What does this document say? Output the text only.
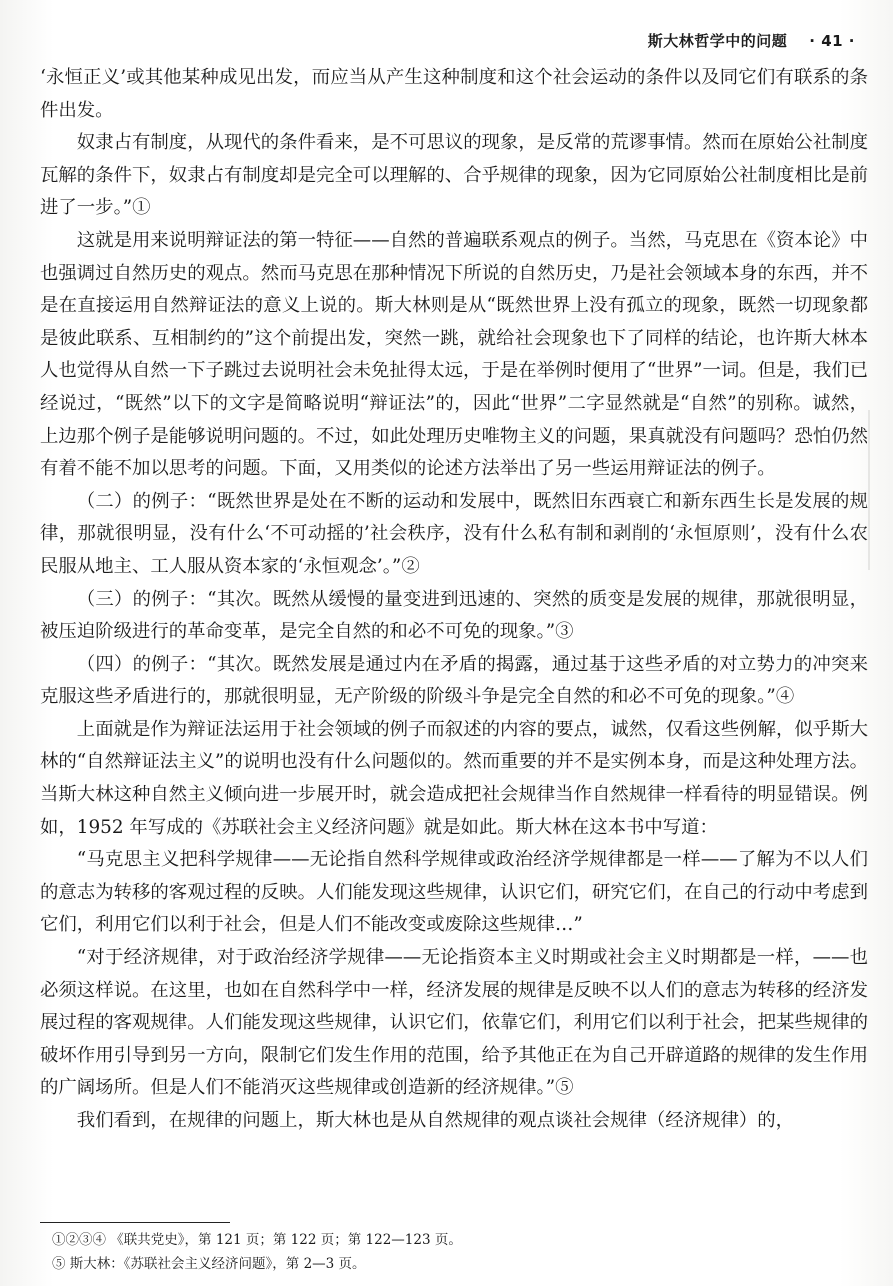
斯大林哲学中的问题 · 41 ·

‘永恒正义’或其他某种成见出发，而应当从产生这种制度和这个社会运动的条件以及同它们有联系的条件出发。

奴隶占有制度，从现代的条件看来，是不可思议的现象，是反常的荒谬事情。然而在原始公社制度瓦解的条件下，奴隶占有制度却是完全可以理解的、合乎规律的现象，因为它同原始公社制度相比是前进了一步。”①

这就是用来说明辩证法的第一特征——自然的普遍联系观点的例子。当然，马克思在《资本论》中也强调过自然历史的观点。然而马克思在那种情况下所说的自然历史，乃是社会领域本身的东西，并不是在直接运用自然辩证法的意义上说的。斯大林则是从“既然世界上没有孤立的现象，既然一切现象都是彼此联系、互相制约的”这个前提出发，突然一跳，就给社会现象也下了同样的结论，也许斯大林本人也觉得从自然一下子跳过去说明社会未免扯得太远，于是在举例时便用了“世界”一词。但是，我们已经说过，“既然”以下的文字是简略说明“辩证法”的，因此“世界”二字显然就是“自然”的别称。诚然，上边那个例子是能够说明问题的。不过，如此处理历史唯物主义的问题，果真就没有问题吗？恐怕仍然有着不能不加以思考的问题。下面，又用类似的论述方法举出了另一些运用辩证法的例子。

（二）的例子：“既然世界是处在不断的运动和发展中，既然旧东西衰亡和新东西生长是发展的规律，那就很明显，没有什么‘不可动摇的’社会秩序，没有什么私有制和剥削的‘永恒原则’，没有什么农民服从地主、工人服从资本家的‘永恒观念’。”②

（三）的例子：“其次。既然从缓慢的量变进到迅速的、突然的质变是发展的规律，那就很明显，被压迫阶级进行的革命变革，是完全自然的和必不可免的现象。”③

（四）的例子：“其次。既然发展是通过内在矛盾的揭露，通过基于这些矛盾的对立势力的冲突来克服这些矛盾进行的，那就很明显，无产阶级的阶级斗争是完全自然的和必不可免的现象。”④

上面就是作为辩证法运用于社会领域的例子而叙述的内容的要点，诚然，仅看这些例解，似乎斯大林的“自然辩证法主义”的说明也没有什么问题似的。然而重要的并不是实例本身，而是这种处理方法。当斯大林这种自然主义倾向进一步展开时，就会造成把社会规律当作自然规律一样看待的明显错误。例如，1952 年写成的《苏联社会主义经济问题》就是如此。斯大林在这本书中写道：

“马克思主义把科学规律——无论指自然科学规律或政治经济学规律都是一样——了解为不以人们的意志为转移的客观过程的反映。人们能发现这些规律，认识它们，研究它们，在自己的行动中考虑到它们，利用它们以利于社会，但是人们不能改变或废除这些规律…”

“对于经济规律，对于政治经济学规律——无论指资本主义时期或社会主义时期都是一样，——也必须这样说。在这里，也如在自然科学中一样，经济发展的规律是反映不以人们的意志为转移的经济发展过程的客观规律。人们能发现这些规律，认识它们，依靠它们，利用它们以利于社会，把某些规律的破坏作用引导到另一方向，限制它们发生作用的范围，给予其他正在为自己开辟道路的规律的发生作用的广阔场所。但是人们不能消灭这些规律或创造新的经济规律。”⑤

我们看到，在规律的问题上，斯大林也是从自然规律的观点谈社会规律（经济规律）的，

①②③④ 《联共党史》，第 121 页；第 122 页；第 122—123 页。
⑤ 斯大林：《苏联社会主义经济问题》，第 2—3 页。
